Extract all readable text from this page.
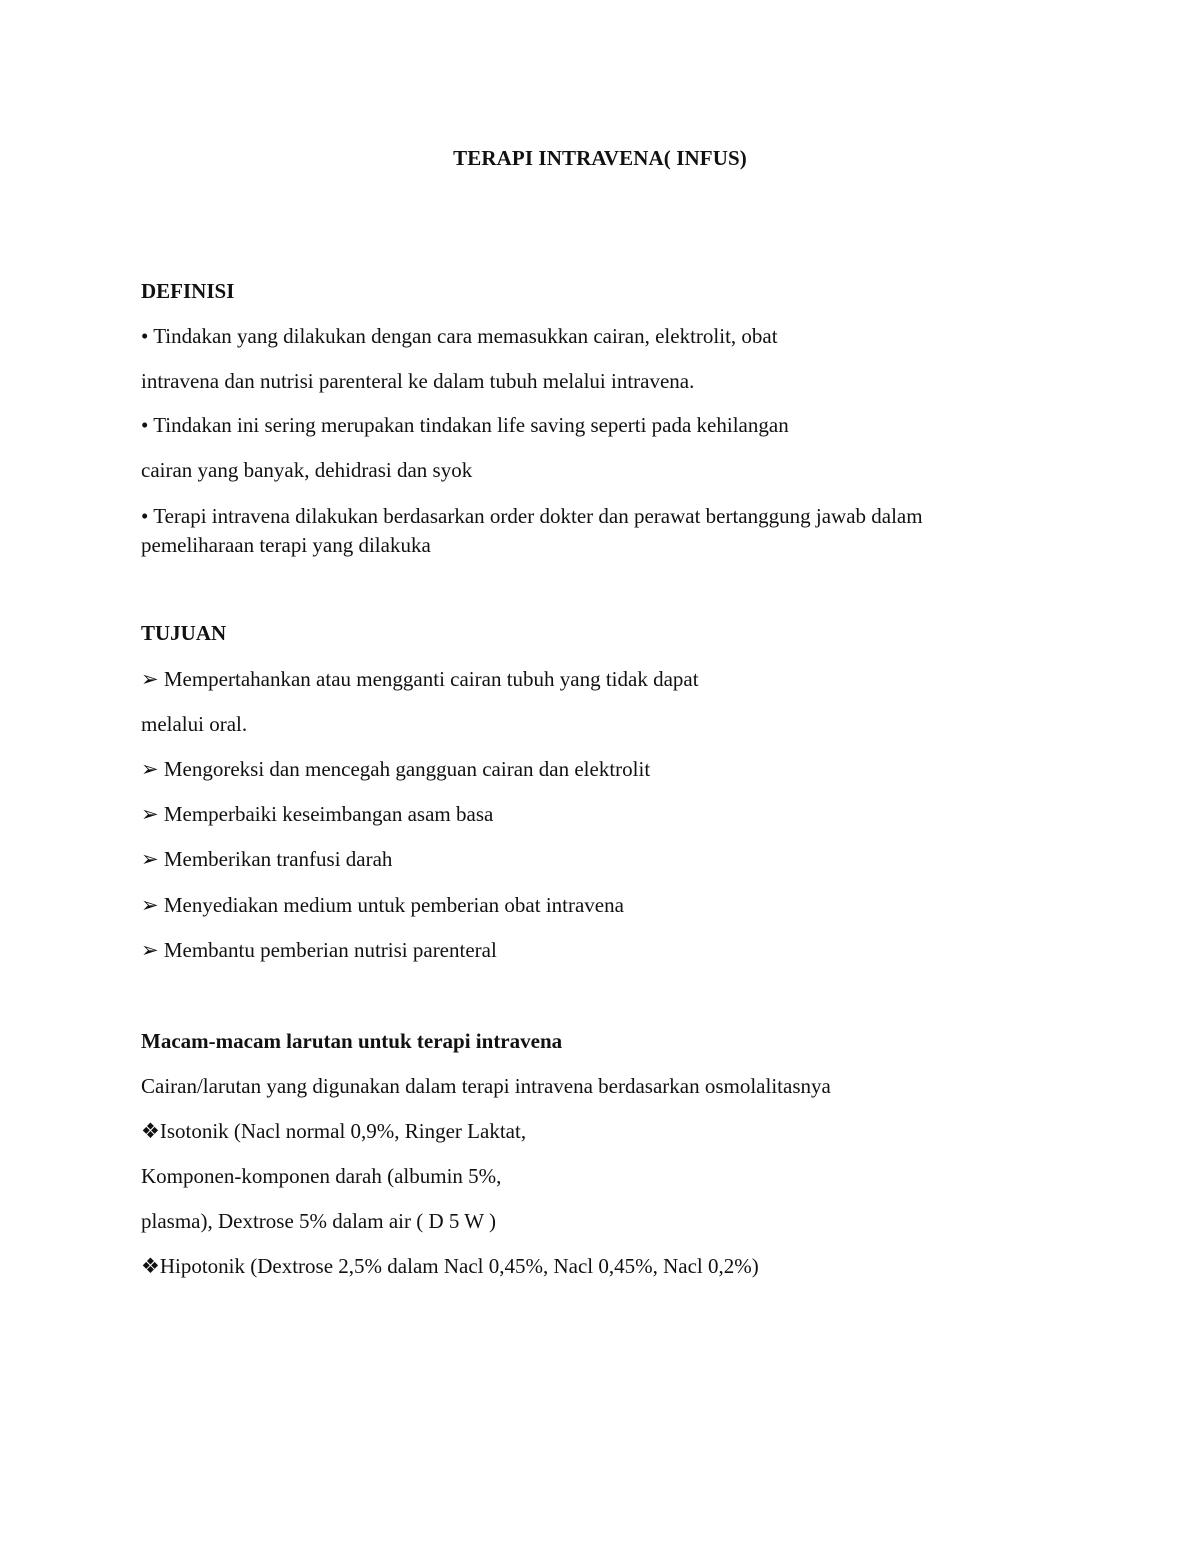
TERAPI INTRAVENA( INFUS)
DEFINISI
• Tindakan yang dilakukan dengan cara memasukkan cairan, elektrolit, obat
intravena dan nutrisi parenteral ke dalam tubuh melalui intravena.
• Tindakan ini sering merupakan tindakan life saving seperti pada kehilangan
cairan yang banyak, dehidrasi dan syok
• Terapi intravena dilakukan berdasarkan order dokter dan perawat bertanggung jawab dalam pemeliharaan terapi yang dilakuka
TUJUAN
➢ Mempertahankan atau mengganti cairan tubuh yang tidak dapat
melalui oral.
➢ Mengoreksi dan mencegah gangguan cairan dan elektrolit
➢ Memperbaiki keseimbangan asam basa
➢ Memberikan tranfusi darah
➢ Menyediakan medium untuk pemberian obat intravena
➢ Membantu pemberian nutrisi parenteral
Macam-macam larutan untuk terapi intravena
Cairan/larutan yang digunakan dalam terapi intravena berdasarkan osmolalitasnya
❖Isotonik (Nacl normal 0,9%, Ringer Laktat,
Komponen-komponen darah (albumin 5%,
plasma), Dextrose 5% dalam air ( D 5 W )
❖Hipotonik (Dextrose 2,5% dalam Nacl 0,45%, Nacl 0,45%, Nacl 0,2%)
